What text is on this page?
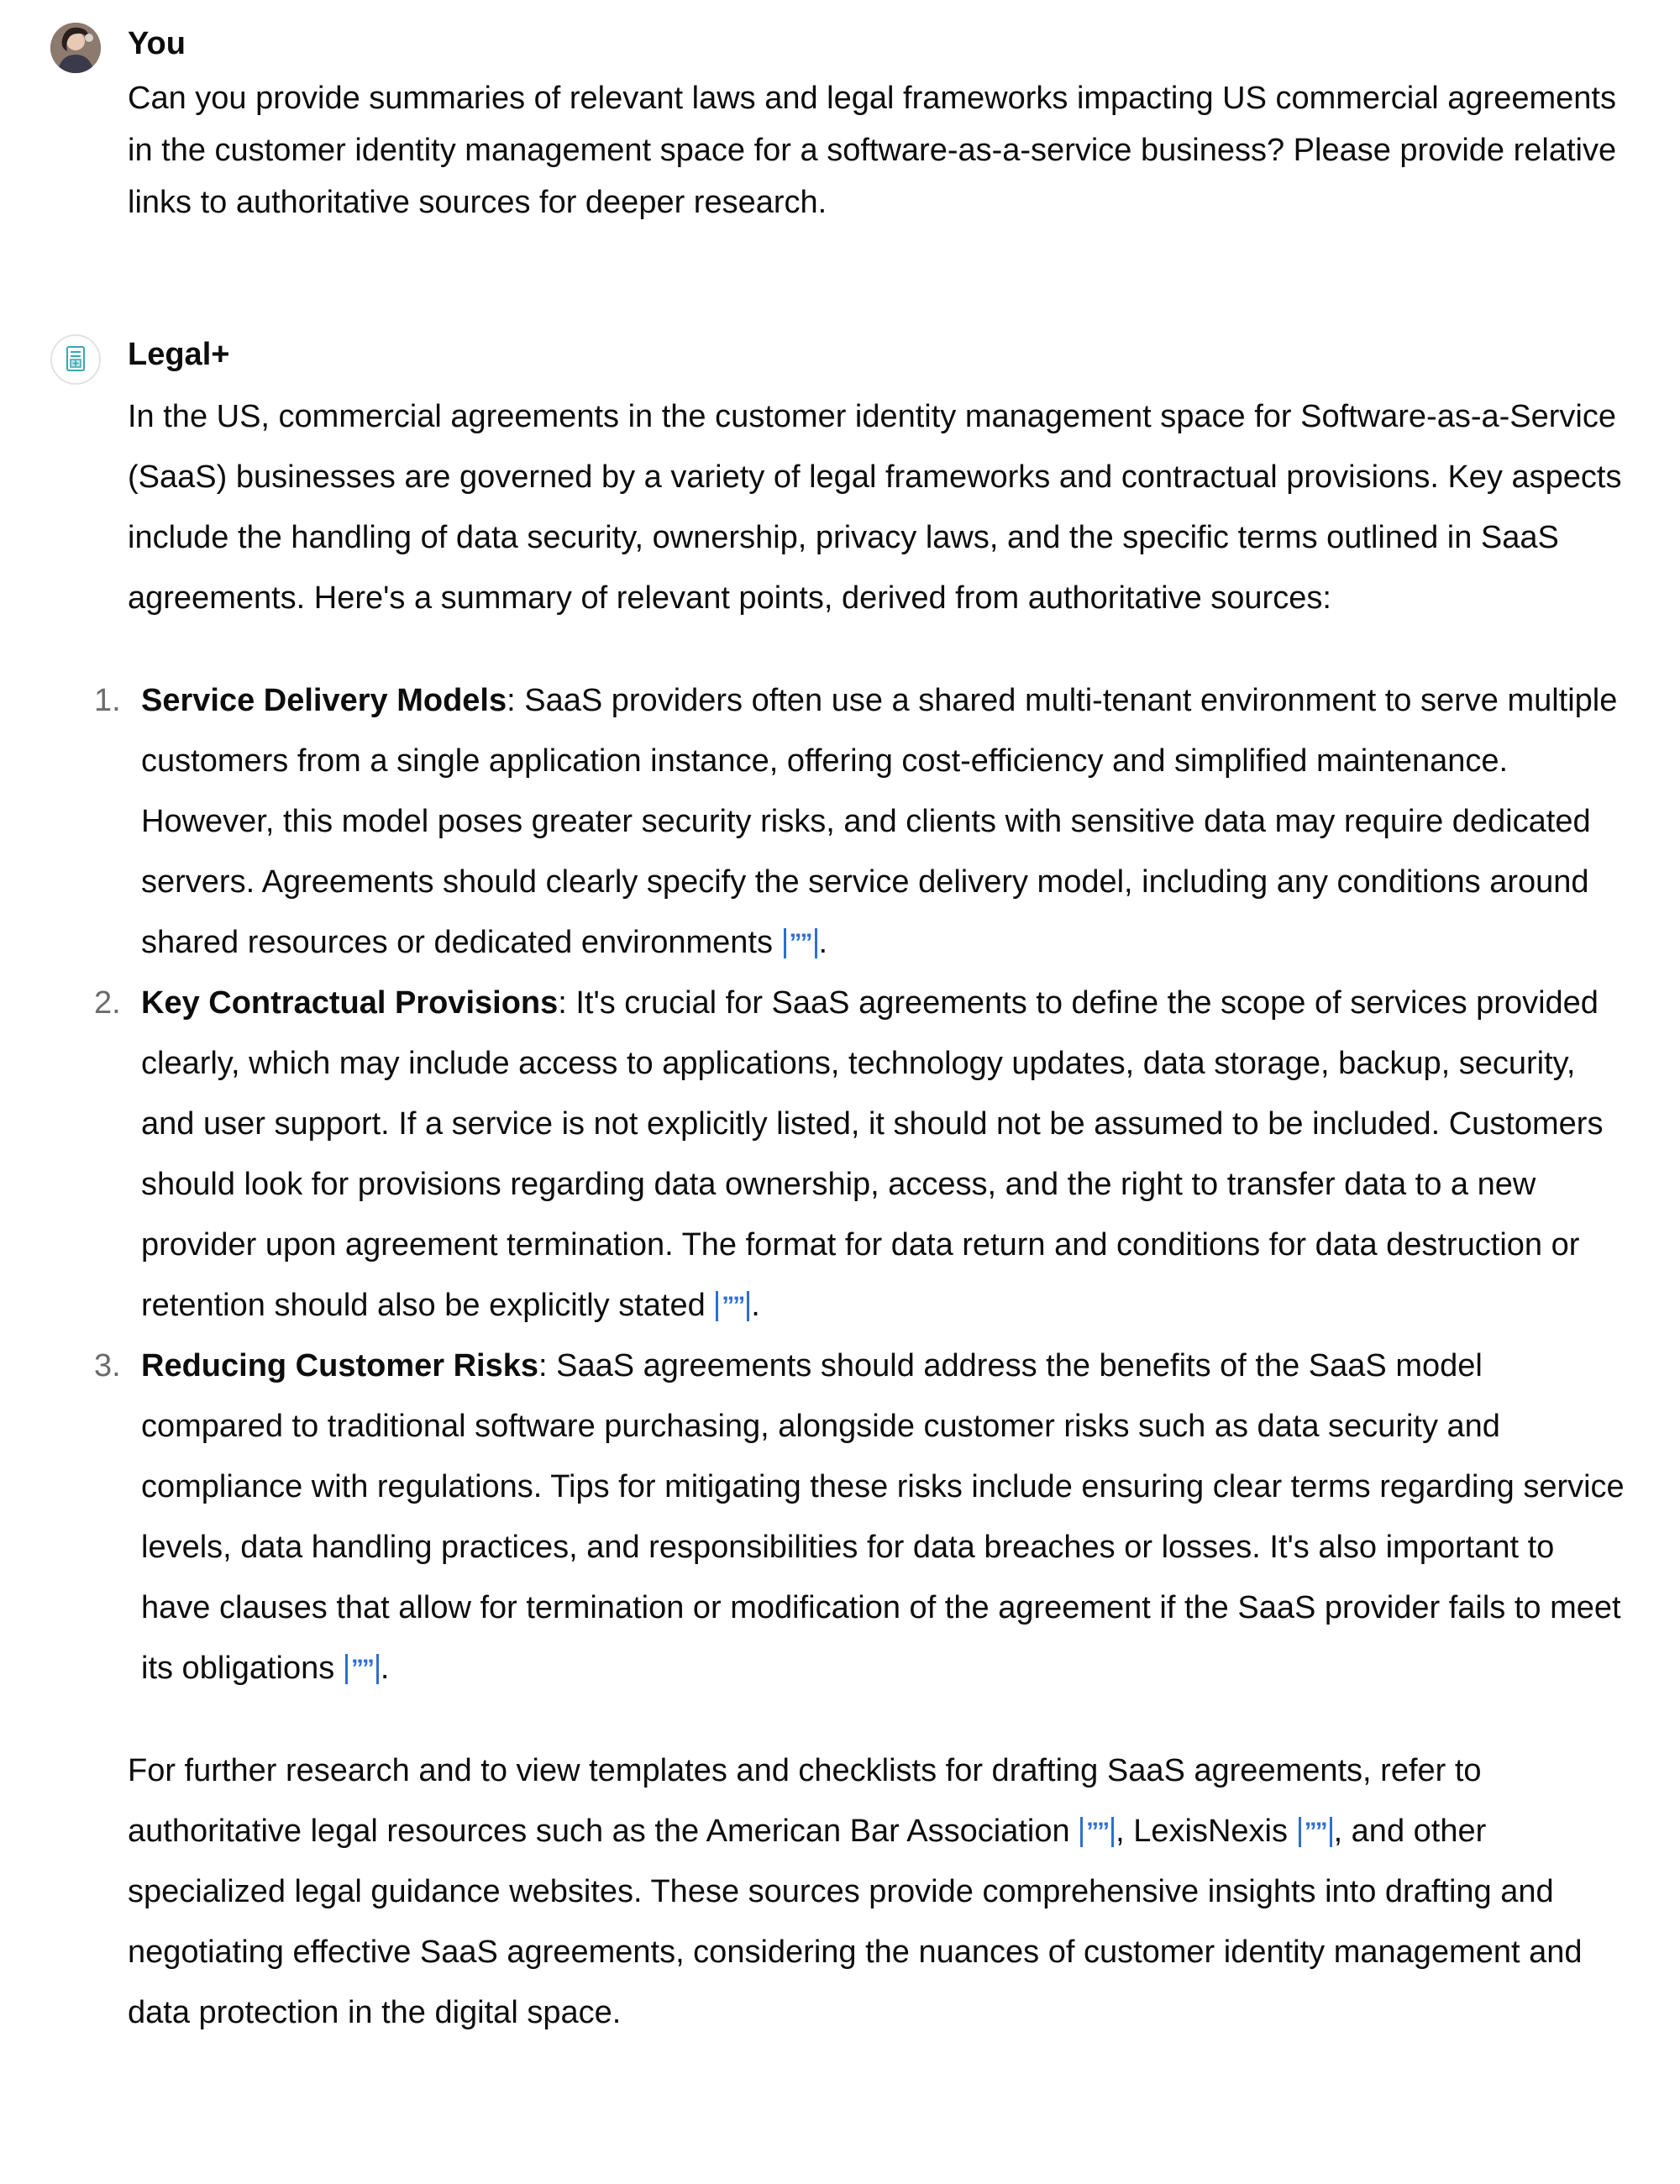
You

Can you provide summaries of relevant laws and legal frameworks impacting US commercial agreements in the customer identity management space for a software-as-a-service business? Please provide relative links to authoritative sources for deeper research.

Legal+

In the US, commercial agreements in the customer identity management space for Software-as-a-Service (SaaS) businesses are governed by a variety of legal frameworks and contractual provisions. Key aspects include the handling of data security, ownership, privacy laws, and the specific terms outlined in SaaS agreements. Here's a summary of relevant points, derived from authoritative sources:

1. Service Delivery Models: SaaS providers often use a shared multi-tenant environment to serve multiple customers from a single application instance, offering cost-efficiency and simplified maintenance. However, this model poses greater security risks, and clients with sensitive data may require dedicated servers. Agreements should clearly specify the service delivery model, including any conditions around shared resources or dedicated environments ”” .
2. Key Contractual Provisions: It's crucial for SaaS agreements to define the scope of services provided clearly, which may include access to applications, technology updates, data storage, backup, security, and user support. If a service is not explicitly listed, it should not be assumed to be included. Customers should look for provisions regarding data ownership, access, and the right to transfer data to a new provider upon agreement termination. The format for data return and conditions for data destruction or retention should also be explicitly stated ”” .
3. Reducing Customer Risks: SaaS agreements should address the benefits of the SaaS model compared to traditional software purchasing, alongside customer risks such as data security and compliance with regulations. Tips for mitigating these risks include ensuring clear terms regarding service levels, data handling practices, and responsibilities for data breaches or losses. It's also important to have clauses that allow for termination or modification of the agreement if the SaaS provider fails to meet its obligations ”” .

For further research and to view templates and checklists for drafting SaaS agreements, refer to authoritative legal resources such as the American Bar Association ”” , LexisNexis ”” , and other specialized legal guidance websites. These sources provide comprehensive insights into drafting and negotiating effective SaaS agreements, considering the nuances of customer identity management and data protection in the digital space.
